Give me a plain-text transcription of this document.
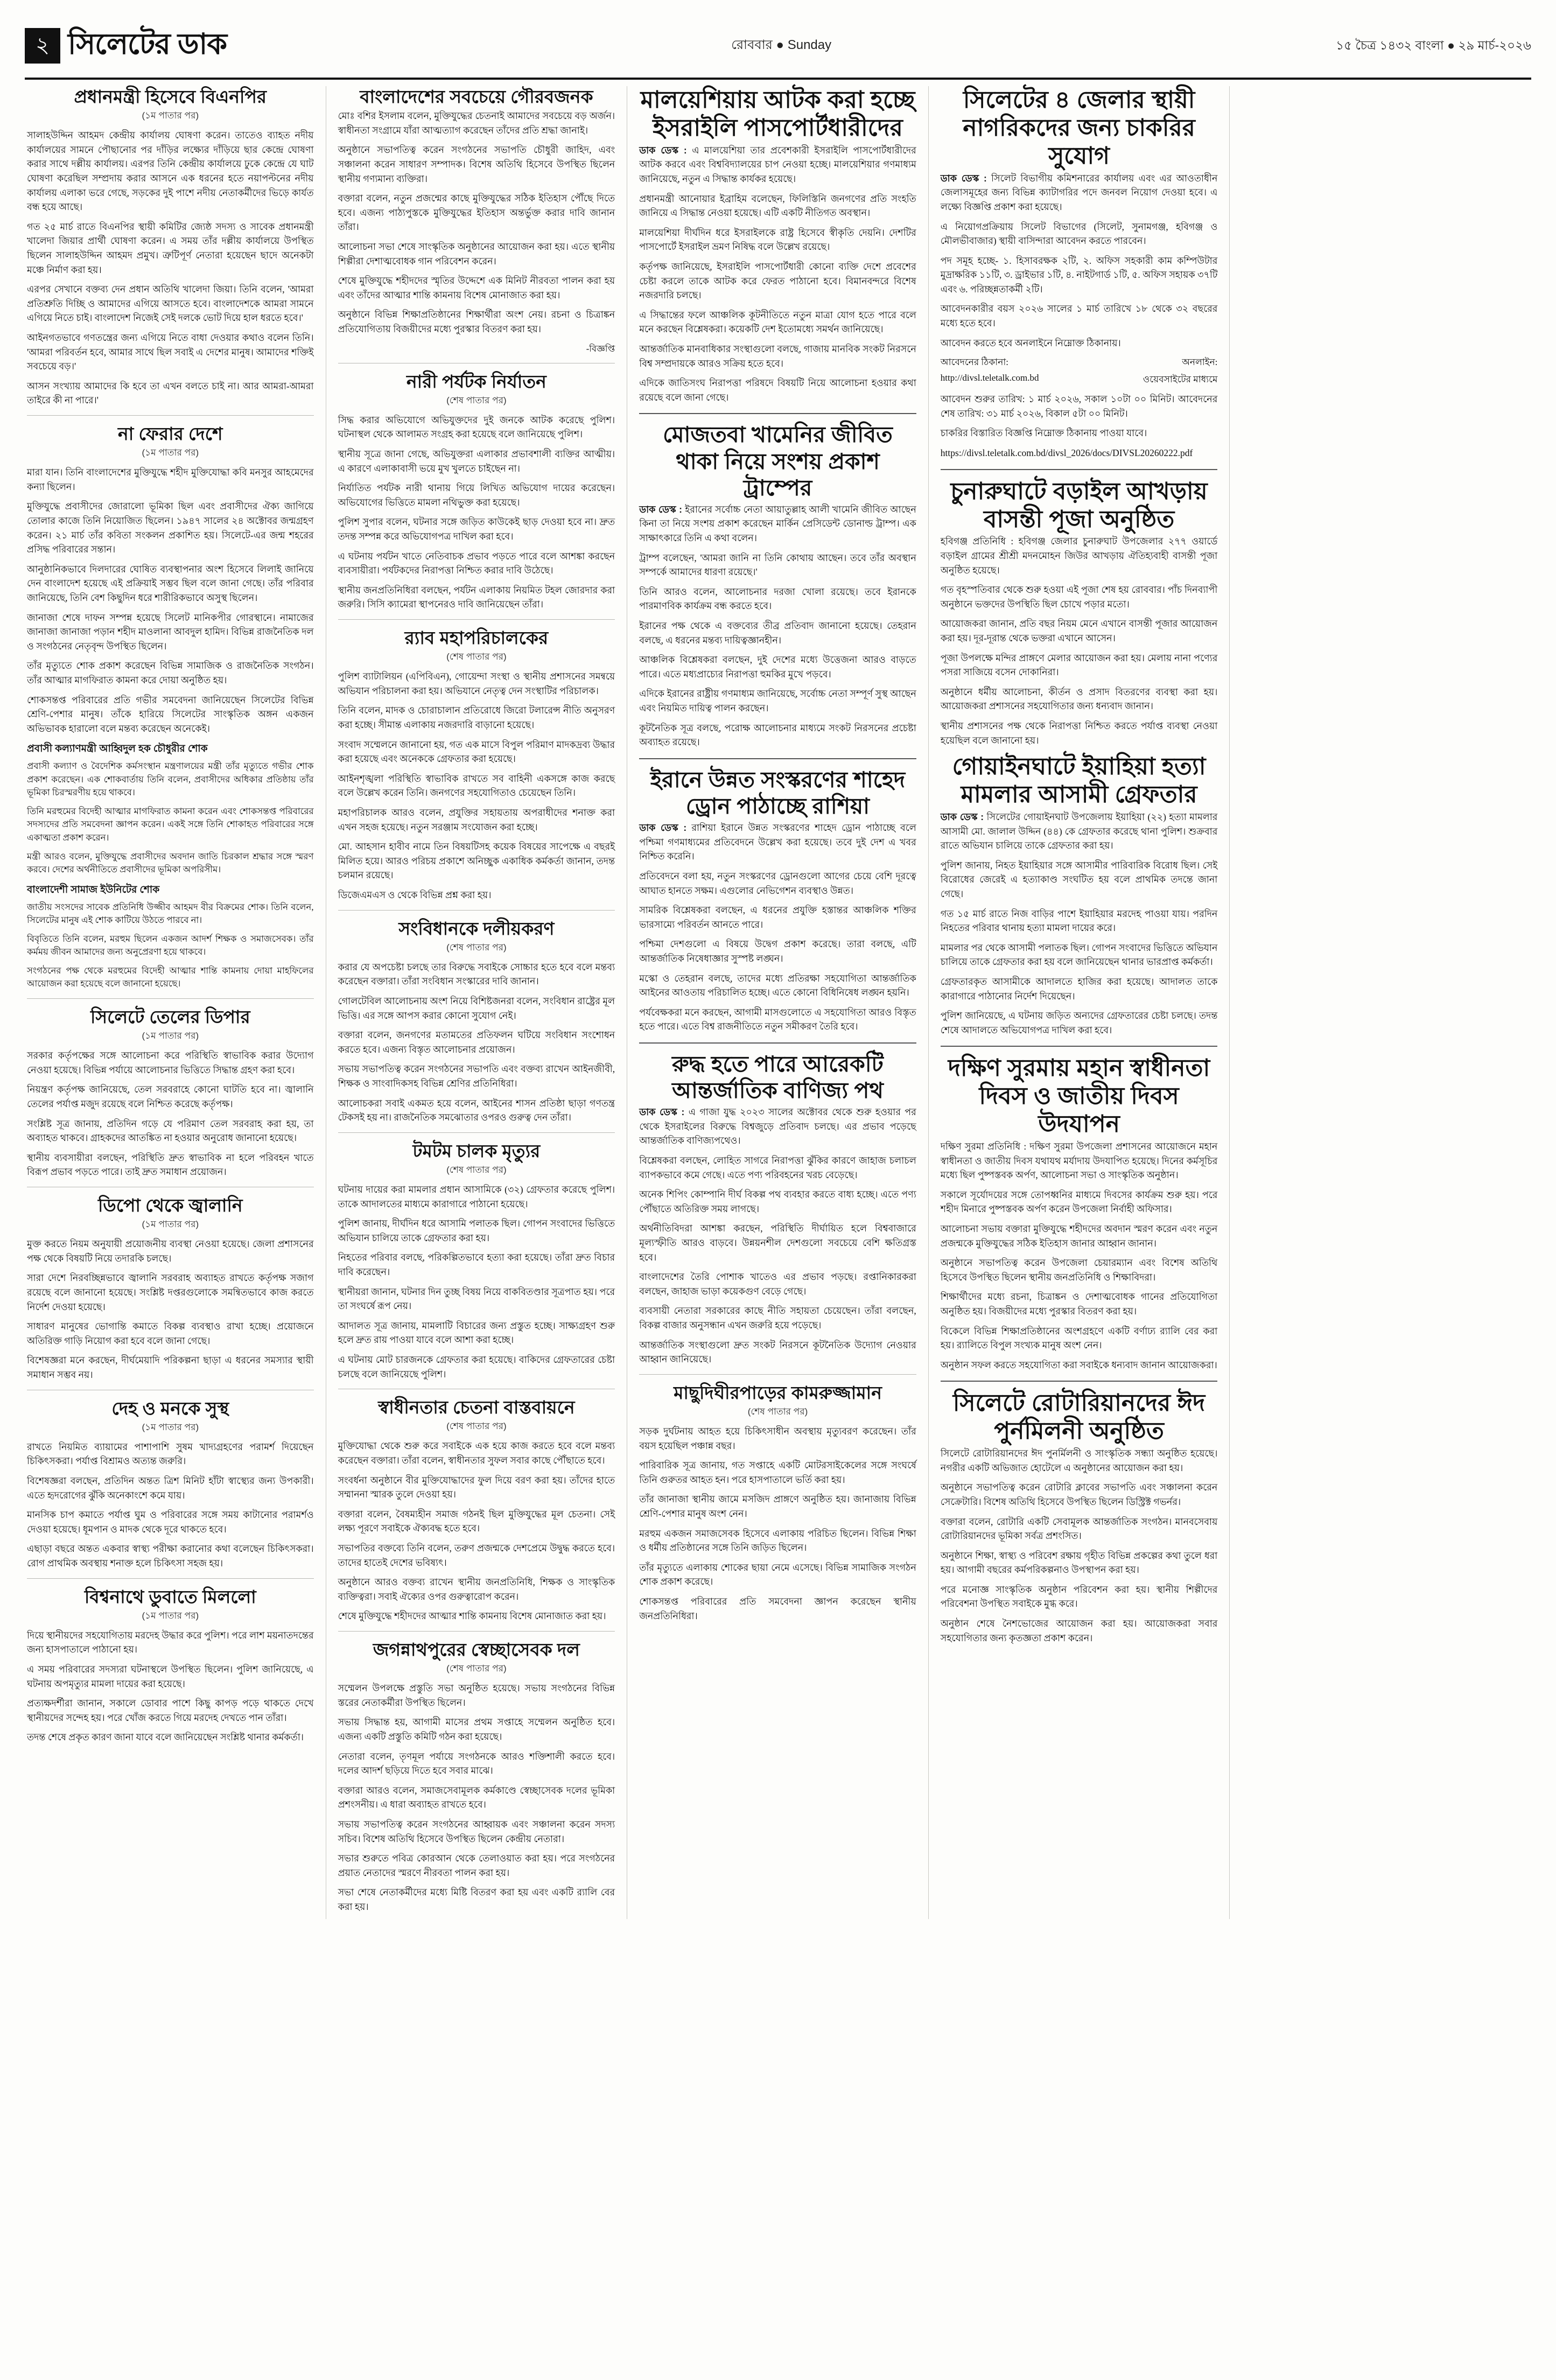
২ সিলেটের ডাক	রোববার ● Sunday	১৫ চৈত্র ১৪৩২ বাংলা ● ২৯ মার্চ-২০২৬
প্রধানমন্ত্রী হিসেবে বিএনপির
(১ম পাতার পর)

সালাহউদ্দিন আহমদ কেন্দ্রীয় কার্যালয় ঘোষণা করেন। তাতেও ব্যাহত নদীয় কার্যালয়ের সামনে পৌছানোর পর দাঁড়ির লক্ষ্যের দাঁড়িয়ে ছার কেন্দ্রে ঘোষণা করার সাথে দল্লীয় কার্যালয়। এরপর তিনি কেন্দ্রীয় কার্যালয়ে ঢুকে কেন্দ্রে যে ঘাট ঘোষণা করেছিল সম্প্রদায় করার আসনে এক ধরনের হতে নয়াপল্টনের নদীয় কার্যালয় এলাকা ভরে গেছে, সড়কের দুই পাশে নদীয় নেতাকর্মীদের ভিড়ে কার্যত বন্ধ হয়ে আছে।

গত ২৫ মার্চ রাতে বিএনপির স্থায়ী কমিটির জ্যেষ্ঠ সদস্য ও সাবেক প্রধানমন্ত্রী খালেদা জিয়ার প্রার্থী ঘোষণা করেন। এ সময় তাঁর দল্লীয় কার্যালয়ে উপস্থিত ছিলেন সালাহউদ্দিন আহমদ প্রমুখ। ত্রুটিপূর্ণ নেতারা হয়েছেন ছাদে অনেকটা মঞ্চে নির্মাণ করা হয়।

এরপর সেখানে বক্তব্য দেন প্রধান অতিথি খালেদা জিয়া। তিনি বলেন, 'আমরা প্রতিশ্রুতি দিচ্ছি ও আমাদের এগিয়ে আসতে হবে। বাংলাদেশকে আমরা সামনে এগিয়ে নিতে চাই। বাংলাদেশ নিজেই সেই দলকে ভোট দিয়ে হাল ধরতে হবে।'

আইনগতভাবে গণতন্ত্রের জন্য এগিয়ে নিতে বাধা দেওয়ার কথাও বলেন তিনি। 'আমরা পরিবর্তন হবে, আমার সাথে ছিল সবাই এ দেশের মানুষ। আমাদের শক্তিই সবচেয়ে বড়।'

আসন সংখ্যায় আমাদের কি হবে তা এখন বলতে চাই না। আর আমরা-আমরা তাইরে কী না পারে।'

না ফেরার দেশে
(১ম পাতার পর)

মারা যান। তিনি বাংলাদেশের মুক্তিযুদ্ধে শহীদ মুক্তিযোদ্ধা কবি মনসুর আহমেদের কন্যা ছিলেন।

মুক্তিযুদ্ধে প্রবাসীদের জোরালো ভূমিকা ছিল এবং প্রবাসীদের ঐক্য জাগিয়ে তোলার কাজে তিনি নিয়োজিত ছিলেন। ১৯৪৭ সালের ২৪ অক্টোবর জন্মগ্রহণ করেন। ২১ মার্চ তাঁর কবিতা সংকলন প্রকাশিত হয়। সিলেটে-এর জন্ম শহরের প্রসিদ্ধ পরিবারের সন্তান।

আনুষ্ঠানিকভাবে দিলদারের ঘোষিত ব্যবস্থাপনার অংশ হিসেবে লিলাই জানিয়ে দেন বাংলাদেশ হয়েছে এই প্রক্রিয়াই সম্ভব ছিল বলে জানা গেছে। তাঁর পরিবার জানিয়েছে, তিনি বেশ কিছুদিন ধরে শারীরিকভাবে অসুস্থ ছিলেন।

জানাজা শেষে দাফন সম্পন্ন হয়েছে সিলেট মানিকপীর গোরস্থানে। নামাজের জানাজা জানাজা পড়ান শহীদ মাওলানা আবদুল হামিদ। বিভিন্ন রাজনৈতিক দল ও সংগঠনের নেতৃবৃন্দ উপস্থিত ছিলেন।

তাঁর মৃত্যুতে শোক প্রকাশ করেছেন বিভিন্ন সামাজিক ও রাজনৈতিক সংগঠন। তাঁর আত্মার মাগফিরাত কামনা করে দোয়া অনুষ্ঠিত হয়।

শোকসন্তপ্ত পরিবারের প্রতি গভীর সমবেদনা জানিয়েছেন সিলেটের বিভিন্ন শ্রেণি-পেশার মানুষ। তাঁকে হারিয়ে সিলেটের সাংস্কৃতিক অঙ্গন একজন অভিভাবক হারালো বলে মন্তব্য করেছেন অনেকেই।

প্রবাসী কল্যাণমন্ত্রী আহ্বিদুল হক চৌধুরীর শোক

প্রবাসী কল্যাণ ও বৈদেশিক কর্মসংস্থান মন্ত্রণালয়ের মন্ত্রী তাঁর মৃত্যুতে গভীর শোক প্রকাশ করেছেন। এক শোকবার্তায় তিনি বলেন, প্রবাসীদের অধিকার প্রতিষ্ঠায় তাঁর ভূমিকা চিরস্মরণীয় হয়ে থাকবে।

তিনি মরহুমের বিদেহী আত্মার মাগফিরাত কামনা করেন এবং শোকসন্তপ্ত পরিবারের সদস্যদের প্রতি সমবেদনা জ্ঞাপন করেন। একই সঙ্গে তিনি শোকাহত পরিবারের সঙ্গে একাত্মতা প্রকাশ করেন।

মন্ত্রী আরও বলেন, মুক্তিযুদ্ধে প্রবাসীদের অবদান জাতি চিরকাল শ্রদ্ধার সঙ্গে স্মরণ করবে। দেশের অর্থনীতিতে প্রবাসীদের ভূমিকা অপরিসীম।

বাংলাদেশী সামাজ ইউনিটের শোক

জাতীয় সংসদের সাবেক প্রতিনিধি উজ্জীব আহমদ বীর বিক্রমের শোক। তিনি বলেন, সিলেটের মানুষ এই শোক কাটিয়ে উঠতে পারবে না।

বিবৃতিতে তিনি বলেন, মরহুম ছিলেন একজন আদর্শ শিক্ষক ও সমাজসেবক। তাঁর কর্মময় জীবন আমাদের জন্য অনুপ্রেরণা হয়ে থাকবে।

সংগঠনের পক্ষ থেকে মরহুমের বিদেহী আত্মার শান্তি কামনায় দোয়া মাহফিলের আয়োজন করা হয়েছে বলে জানানো হয়েছে।

সিলেটে তেলের ডিপার
(১ম পাতার পর)

সরকার কর্তৃপক্ষের সঙ্গে আলোচনা করে পরিস্থিতি স্বাভাবিক করার উদ্যোগ নেওয়া হয়েছে। বিভিন্ন পর্যায়ে আলোচনার ভিত্তিতে সিদ্ধান্ত গ্রহণ করা হবে।

নিয়ন্ত্রণ কর্তৃপক্ষ জানিয়েছে, তেল সরবরাহে কোনো ঘাটতি হবে না। জ্বালানি তেলের পর্যাপ্ত মজুদ রয়েছে বলে নিশ্চিত করেছে কর্তৃপক্ষ।

সংশ্লিষ্ট সূত্র জানায়, প্রতিদিন গড়ে যে পরিমাণ তেল সরবরাহ করা হয়, তা অব্যাহত থাকবে। গ্রাহকদের আতঙ্কিত না হওয়ার অনুরোধ জানানো হয়েছে।

স্থানীয় ব্যবসায়ীরা বলছেন, পরিস্থিতি দ্রুত স্বাভাবিক না হলে পরিবহন খাতে বিরূপ প্রভাব পড়তে পারে। তাই দ্রুত সমাধান প্রয়োজন।

ডিপো থেকে জ্বালানি
(১ম পাতার পর)

মুক্ত করতে নিয়ম অনুযায়ী প্রয়োজনীয় ব্যবস্থা নেওয়া হয়েছে। জেলা প্রশাসনের পক্ষ থেকে বিষয়টি নিয়ে তদারকি চলছে।

সারা দেশে নিরবচ্ছিন্নভাবে জ্বালানি সরবরাহ অব্যাহত রাখতে কর্তৃপক্ষ সজাগ রয়েছে বলে জানানো হয়েছে। সংশ্লিষ্ট দপ্তরগুলোকে সমন্বিতভাবে কাজ করতে নির্দেশ দেওয়া হয়েছে।

সাধারণ মানুষের ভোগান্তি কমাতে বিকল্প ব্যবস্থাও রাখা হচ্ছে। প্রয়োজনে অতিরিক্ত গাড়ি নিয়োগ করা হবে বলে জানা গেছে।

বিশেষজ্ঞরা মনে করছেন, দীর্ঘমেয়াদি পরিকল্পনা ছাড়া এ ধরনের সমস্যার স্থায়ী সমাধান সম্ভব নয়।

দেহ ও মনকে সুস্থ
(১ম পাতার পর)

রাখতে নিয়মিত ব্যায়ামের পাশাপাশি সুষম খাদ্যগ্রহণের পরামর্শ দিয়েছেন চিকিৎসকরা। পর্যাপ্ত বিশ্রামও অত্যন্ত জরুরি।

বিশেষজ্ঞরা বলছেন, প্রতিদিন অন্তত ত্রিশ মিনিট হাঁটা স্বাস্থ্যের জন্য উপকারী। এতে হৃদরোগের ঝুঁকি অনেকাংশে কমে যায়।

মানসিক চাপ কমাতে পর্যাপ্ত ঘুম ও পরিবারের সঙ্গে সময় কাটানোর পরামর্শও দেওয়া হয়েছে। ধূমপান ও মাদক থেকে দূরে থাকতে হবে।

এছাড়া বছরে অন্তত একবার স্বাস্থ্য পরীক্ষা করানোর কথা বলেছেন চিকিৎসকরা। রোগ প্রাথমিক অবস্থায় শনাক্ত হলে চিকিৎসা সহজ হয়।

বিশ্বনাথে ডুবাতে মিললো
(১ম পাতার পর)

দিয়ে স্থানীয়দের সহযোগিতায় মরদেহ উদ্ধার করে পুলিশ। পরে লাশ ময়নাতদন্তের জন্য হাসপাতালে পাঠানো হয়।

এ সময় পরিবারের সদস্যরা ঘটনাস্থলে উপস্থিত ছিলেন। পুলিশ জানিয়েছে, এ ঘটনায় অপমৃত্যুর মামলা দায়ের করা হয়েছে।

প্রত্যক্ষদর্শীরা জানান, সকালে ডোবার পাশে কিছু কাপড় পড়ে থাকতে দেখে স্থানীয়দের সন্দেহ হয়। পরে খোঁজ করতে গিয়ে মরদেহ দেখতে পান তাঁরা।

তদন্ত শেষে প্রকৃত কারণ জানা যাবে বলে জানিয়েছেন সংশ্লিষ্ট থানার কর্মকর্তা।

বাংলাদেশের সবচেয়ে গৌরবজনক

মোঃ বশির ইসলাম বলেন, মুক্তিযুদ্ধের চেতনাই আমাদের সবচেয়ে বড় অর্জন। স্বাধীনতা সংগ্রামে যাঁরা আত্মত্যাগ করেছেন তাঁদের প্রতি শ্রদ্ধা জানাই।

অনুষ্ঠানে সভাপতিত্ব করেন সংগঠনের সভাপতি চৌধুরী জাহিদ, এবং সঞ্চালনা করেন সাধারণ সম্পাদক। বিশেষ অতিথি হিসেবে উপস্থিত ছিলেন স্থানীয় গণ্যমান্য ব্যক্তিরা।

বক্তারা বলেন, নতুন প্রজন্মের কাছে মুক্তিযুদ্ধের সঠিক ইতিহাস পৌঁছে দিতে হবে। এজন্য পাঠ্যপুস্তকে মুক্তিযুদ্ধের ইতিহাস অন্তর্ভুক্ত করার দাবি জানান তাঁরা।

আলোচনা সভা শেষে সাংস্কৃতিক অনুষ্ঠানের আয়োজন করা হয়। এতে স্থানীয় শিল্পীরা দেশাত্মবোধক গান পরিবেশন করেন।

শেষে মুক্তিযুদ্ধে শহীদদের স্মৃতির উদ্দেশে এক মিনিট নীরবতা পালন করা হয় এবং তাঁদের আত্মার শান্তি কামনায় বিশেষ মোনাজাত করা হয়।

অনুষ্ঠানে বিভিন্ন শিক্ষাপ্রতিষ্ঠানের শিক্ষার্থীরা অংশ নেয়। রচনা ও চিত্রাঙ্কন প্রতিযোগিতায় বিজয়ীদের মধ্যে পুরস্কার বিতরণ করা হয়।

-বিজ্ঞপ্তি

নারী পর্যটক নির্যাতন
(শেষ পাতার পর)

সিদ্ধ করার অভিযোগে অভিযুক্তদের দুই জনকে আটক করেছে পুলিশ। ঘটনাস্থল থেকে আলামত সংগ্রহ করা হয়েছে বলে জানিয়েছে পুলিশ।

স্থানীয় সূত্রে জানা গেছে, অভিযুক্তরা এলাকার প্রভাবশালী ব্যক্তির আত্মীয়। এ কারণে এলাকাবাসী ভয়ে মুখ খুলতে চাইছেন না।

নির্যাতিত পর্যটক নারী থানায় গিয়ে লিখিত অভিযোগ দায়ের করেছেন। অভিযোগের ভিত্তিতে মামলা নথিভুক্ত করা হয়েছে।

পুলিশ সুপার বলেন, ঘটনার সঙ্গে জড়িত কাউকেই ছাড় দেওয়া হবে না। দ্রুত তদন্ত সম্পন্ন করে অভিযোগপত্র দাখিল করা হবে।

এ ঘটনায় পর্যটন খাতে নেতিবাচক প্রভাব পড়তে পারে বলে আশঙ্কা করছেন ব্যবসায়ীরা। পর্যটকদের নিরাপত্তা নিশ্চিত করার দাবি উঠেছে।

স্থানীয় জনপ্রতিনিধিরা বলছেন, পর্যটন এলাকায় নিয়মিত টহল জোরদার করা জরুরি। সিসি ক্যামেরা স্থাপনেরও দাবি জানিয়েছেন তাঁরা।

র‍্যাব মহাপরিচালকের
(শেষ পাতার পর)

পুলিশ ব্যাটালিয়ন (এপিবিএন), গোয়েন্দা সংস্থা ও স্থানীয় প্রশাসনের সমন্বয়ে অভিযান পরিচালনা করা হয়। অভিযানে নেতৃত্ব দেন সংস্থাটির পরিচালক।

তিনি বলেন, মাদক ও চোরাচালান প্রতিরোধে জিরো টলারেন্স নীতি অনুসরণ করা হচ্ছে। সীমান্ত এলাকায় নজরদারি বাড়ানো হয়েছে।

সংবাদ সম্মেলনে জানানো হয়, গত এক মাসে বিপুল পরিমাণ মাদকদ্রব্য উদ্ধার করা হয়েছে এবং অনেককে গ্রেফতার করা হয়েছে।

আইনশৃঙ্খলা পরিস্থিতি স্বাভাবিক রাখতে সব বাহিনী একসঙ্গে কাজ করছে বলে উল্লেখ করেন তিনি। জনগণের সহযোগিতাও চেয়েছেন তিনি।

মহাপরিচালক আরও বলেন, প্রযুক্তির সহায়তায় অপরাধীদের শনাক্ত করা এখন সহজ হয়েছে। নতুন সরঞ্জাম সংযোজন করা হচ্ছে।

মো. আহসান হাবীব নামে তিন বিষয়টিসহ কয়েক বিষয়ের সাপেক্ষে এ বছরই মিলিত হয়ে। আরও পরিচয় প্রকাশে অনিচ্ছুক একাধিক কর্মকর্তা জানান, তদন্ত চলমান রয়েছে।

ডিজেএমএস ও থেকে বিভিন্ন প্রশ্ন করা হয়।

সংবিধানকে দলীয়করণ
(শেষ পাতার পর)

করার যে অপচেষ্টা চলছে তার বিরুদ্ধে সবাইকে সোচ্চার হতে হবে বলে মন্তব্য করেছেন বক্তারা। তাঁরা সংবিধান সংস্কারের দাবি জানান।

গোলটেবিল আলোচনায় অংশ নিয়ে বিশিষ্টজনরা বলেন, সংবিধান রাষ্ট্রের মূল ভিত্তি। এর সঙ্গে আপস করার কোনো সুযোগ নেই।

বক্তারা বলেন, জনগণের মতামতের প্রতিফলন ঘটিয়ে সংবিধান সংশোধন করতে হবে। এজন্য বিস্তৃত আলোচনার প্রয়োজন।

সভায় সভাপতিত্ব করেন সংগঠনের সভাপতি এবং বক্তব্য রাখেন আইনজীবী, শিক্ষক ও সাংবাদিকসহ বিভিন্ন শ্রেণির প্রতিনিধিরা।

আলোচকরা সবাই একমত হয়ে বলেন, আইনের শাসন প্রতিষ্ঠা ছাড়া গণতন্ত্র টেকসই হয় না। রাজনৈতিক সমঝোতার ওপরও গুরুত্ব দেন তাঁরা।

টমটম চালক মৃত্যুর
(শেষ পাতার পর)

ঘটনায় দায়ের করা মামলার প্রধান আসামিকে (৩২) গ্রেফতার করেছে পুলিশ। তাকে আদালতের মাধ্যমে কারাগারে পাঠানো হয়েছে।

পুলিশ জানায়, দীর্ঘদিন ধরে আসামি পলাতক ছিল। গোপন সংবাদের ভিত্তিতে অভিযান চালিয়ে তাকে গ্রেফতার করা হয়।

নিহতের পরিবার বলছে, পরিকল্পিতভাবে হত্যা করা হয়েছে। তাঁরা দ্রুত বিচার দাবি করেছেন।

স্থানীয়রা জানান, ঘটনার দিন তুচ্ছ বিষয় নিয়ে বাকবিতণ্ডার সূত্রপাত হয়। পরে তা সংঘর্ষে রূপ নেয়।

আদালত সূত্র জানায়, মামলাটি বিচারের জন্য প্রস্তুত হচ্ছে। সাক্ষ্যগ্রহণ শুরু হলে দ্রুত রায় পাওয়া যাবে বলে আশা করা হচ্ছে।

এ ঘটনায় মোট চারজনকে গ্রেফতার করা হয়েছে। বাকিদের গ্রেফতারের চেষ্টা চলছে বলে জানিয়েছে পুলিশ।

স্বাধীনতার চেতনা বাস্তবায়নে
(শেষ পাতার পর)

মুক্তিযোদ্ধা থেকে শুরু করে সবাইকে এক হয়ে কাজ করতে হবে বলে মন্তব্য করেছেন বক্তারা। তাঁরা বলেন, স্বাধীনতার সুফল সবার কাছে পৌঁছাতে হবে।

সংবর্ধনা অনুষ্ঠানে বীর মুক্তিযোদ্ধাদের ফুল দিয়ে বরণ করা হয়। তাঁদের হাতে সম্মাননা স্মারক তুলে দেওয়া হয়।

বক্তারা বলেন, বৈষম্যহীন সমাজ গঠনই ছিল মুক্তিযুদ্ধের মূল চেতনা। সেই লক্ষ্য পূরণে সবাইকে ঐক্যবদ্ধ হতে হবে।

সভাপতির বক্তব্যে তিনি বলেন, তরুণ প্রজন্মকে দেশপ্রেমে উদ্বুদ্ধ করতে হবে। তাদের হাতেই দেশের ভবিষ্যৎ।

অনুষ্ঠানে আরও বক্তব্য রাখেন স্থানীয় জনপ্রতিনিধি, শিক্ষক ও সাংস্কৃতিক ব্যক্তিত্বরা। সবাই ঐক্যের ওপর গুরুত্বারোপ করেন।

শেষে মুক্তিযুদ্ধে শহীদদের আত্মার শান্তি কামনায় বিশেষ মোনাজাত করা হয়।

জগন্নাথপুরের স্বেচ্ছাসেবক দল
(শেষ পাতার পর)

সম্মেলন উপলক্ষে প্রস্তুতি সভা অনুষ্ঠিত হয়েছে। সভায় সংগঠনের বিভিন্ন স্তরের নেতাকর্মীরা উপস্থিত ছিলেন।

সভায় সিদ্ধান্ত হয়, আগামী মাসের প্রথম সপ্তাহে সম্মেলন অনুষ্ঠিত হবে। এজন্য একটি প্রস্তুতি কমিটি গঠন করা হয়েছে।

নেতারা বলেন, তৃণমূল পর্যায়ে সংগঠনকে আরও শক্তিশালী করতে হবে। দলের আদর্শ ছড়িয়ে দিতে হবে সবার মাঝে।

বক্তারা আরও বলেন, সমাজসেবামূলক কর্মকাণ্ডে স্বেচ্ছাসেবক দলের ভূমিকা প্রশংসনীয়। এ ধারা অব্যাহত রাখতে হবে।

সভায় সভাপতিত্ব করেন সংগঠনের আহ্বায়ক এবং সঞ্চালনা করেন সদস্য সচিব। বিশেষ অতিথি হিসেবে উপস্থিত ছিলেন কেন্দ্রীয় নেতারা।

সভার শুরুতে পবিত্র কোরআন থেকে তেলাওয়াত করা হয়। পরে সংগঠনের প্রয়াত নেতাদের স্মরণে নীরবতা পালন করা হয়।

সভা শেষে নেতাকর্মীদের মধ্যে মিষ্টি বিতরণ করা হয় এবং একটি র‍্যালি বের করা হয়।

মালয়েশিয়ায় আটক করা হচ্ছে ইসরাইলি পাসপোর্টধারীদের

ডাক ডেস্ক : এ মালয়েশিয়া তার প্রবেশকারী ইসরাইলি পাসপোর্টধারীদের আটক করবে এবং বিশ্ববিদ্যালয়ের চাপ নেওয়া হচ্ছে। মালয়েশিয়ার গণমাধ্যম জানিয়েছে, নতুন এ সিদ্ধান্ত কার্যকর হয়েছে।

প্রধানমন্ত্রী আনোয়ার ইব্রাহিম বলেছেন, ফিলিস্তিনি জনগণের প্রতি সংহতি জানিয়ে এ সিদ্ধান্ত নেওয়া হয়েছে। এটি একটি নীতিগত অবস্থান।

মালয়েশিয়া দীর্ঘদিন ধরে ইসরাইলকে রাষ্ট্র হিসেবে স্বীকৃতি দেয়নি। দেশটির পাসপোর্টে ইসরাইল ভ্রমণ নিষিদ্ধ বলে উল্লেখ রয়েছে।

কর্তৃপক্ষ জানিয়েছে, ইসরাইলি পাসপোর্টধারী কোনো ব্যক্তি দেশে প্রবেশের চেষ্টা করলে তাকে আটক করে ফেরত পাঠানো হবে। বিমানবন্দরে বিশেষ নজরদারি চলছে।

এ সিদ্ধান্তের ফলে আঞ্চলিক কূটনীতিতে নতুন মাত্রা যোগ হতে পারে বলে মনে করছেন বিশ্লেষকরা। কয়েকটি দেশ ইতোমধ্যে সমর্থন জানিয়েছে।

আন্তর্জাতিক মানবাধিকার সংস্থাগুলো বলছে, গাজায় মানবিক সংকট নিরসনে বিশ্ব সম্প্রদায়কে আরও সক্রিয় হতে হবে।

এদিকে জাতিসংঘ নিরাপত্তা পরিষদে বিষয়টি নিয়ে আলোচনা হওয়ার কথা রয়েছে বলে জানা গেছে।

মোজতবা খামেনির জীবিত থাকা নিয়ে সংশয় প্রকাশ ট্রাম্পের

ডাক ডেস্ক : ইরানের সর্বোচ্চ নেতা আয়াতুল্লাহ আলী খামেনি জীবিত আছেন কিনা তা নিয়ে সংশয় প্রকাশ করেছেন মার্কিন প্রেসিডেন্ট ডোনাল্ড ট্রাম্প। এক সাক্ষাৎকারে তিনি এ কথা বলেন।

ট্রাম্প বলেছেন, 'আমরা জানি না তিনি কোথায় আছেন। তবে তাঁর অবস্থান সম্পর্কে আমাদের ধারণা রয়েছে।'

তিনি আরও বলেন, আলোচনার দরজা খোলা রয়েছে। তবে ইরানকে পারমাণবিক কার্যক্রম বন্ধ করতে হবে।

ইরানের পক্ষ থেকে এ বক্তব্যের তীব্র প্রতিবাদ জানানো হয়েছে। তেহরান বলছে, এ ধরনের মন্তব্য দায়িত্বজ্ঞানহীন।

আঞ্চলিক বিশ্লেষকরা বলছেন, দুই দেশের মধ্যে উত্তেজনা আরও বাড়তে পারে। এতে মধ্যপ্রাচ্যের নিরাপত্তা হুমকির মুখে পড়বে।

এদিকে ইরানের রাষ্ট্রীয় গণমাধ্যম জানিয়েছে, সর্বোচ্চ নেতা সম্পূর্ণ সুস্থ আছেন এবং নিয়মিত দায়িত্ব পালন করছেন।

কূটনৈতিক সূত্র বলছে, পরোক্ষ আলোচনার মাধ্যমে সংকট নিরসনের প্রচেষ্টা অব্যাহত রয়েছে।

ইরানে উন্নত সংস্করণের শাহেদ ড্রোন পাঠাচ্ছে রাশিয়া

ডাক ডেস্ক : রাশিয়া ইরানে উন্নত সংস্করণের শাহেদ ড্রোন পাঠাচ্ছে বলে পশ্চিমা গণমাধ্যমের প্রতিবেদনে উল্লেখ করা হয়েছে। তবে দুই দেশ এ খবর নিশ্চিত করেনি।

প্রতিবেদনে বলা হয়, নতুন সংস্করণের ড্রোনগুলো আগের চেয়ে বেশি দূরত্বে আঘাত হানতে সক্ষম। এগুলোর নেভিগেশন ব্যবস্থাও উন্নত।

সামরিক বিশ্লেষকরা বলছেন, এ ধরনের প্রযুক্তি হস্তান্তর আঞ্চলিক শক্তির ভারসাম্যে পরিবর্তন আনতে পারে।

পশ্চিমা দেশগুলো এ বিষয়ে উদ্বেগ প্রকাশ করেছে। তারা বলছে, এটি আন্তর্জাতিক নিষেধাজ্ঞার সুস্পষ্ট লঙ্ঘন।

মস্কো ও তেহরান বলছে, তাদের মধ্যে প্রতিরক্ষা সহযোগিতা আন্তর্জাতিক আইনের আওতায় পরিচালিত হচ্ছে। এতে কোনো বিধিনিষেধ লঙ্ঘন হয়নি।

পর্যবেক্ষকরা মনে করছেন, আগামী মাসগুলোতে এ সহযোগিতা আরও বিস্তৃত হতে পারে। এতে বিশ্ব রাজনীতিতে নতুন সমীকরণ তৈরি হবে।

রুদ্ধ হতে পারে আরেকটি আন্তর্জাতিক বাণিজ্য পথ

ডাক ডেস্ক : এ গাজা যুদ্ধ ২০২৩ সালের অক্টোবর থেকে শুরু হওয়ার পর থেকে ইসরাইলের বিরুদ্ধে বিশ্বজুড়ে প্রতিবাদ চলছে। এর প্রভাব পড়েছে আন্তর্জাতিক বাণিজ্যপথেও।

বিশ্লেষকরা বলছেন, লোহিত সাগরে নিরাপত্তা ঝুঁকির কারণে জাহাজ চলাচল ব্যাপকভাবে কমে গেছে। এতে পণ্য পরিবহনের খরচ বেড়েছে।

অনেক শিপিং কোম্পানি দীর্ঘ বিকল্প পথ ব্যবহার করতে বাধ্য হচ্ছে। এতে পণ্য পৌঁছাতে অতিরিক্ত সময় লাগছে।

অর্থনীতিবিদরা আশঙ্কা করছেন, পরিস্থিতি দীর্ঘায়িত হলে বিশ্ববাজারে মূল্যস্ফীতি আরও বাড়বে। উন্নয়নশীল দেশগুলো সবচেয়ে বেশি ক্ষতিগ্রস্ত হবে।

বাংলাদেশের তৈরি পোশাক খাতেও এর প্রভাব পড়ছে। রপ্তানিকারকরা বলছেন, জাহাজ ভাড়া কয়েকগুণ বেড়ে গেছে।

ব্যবসায়ী নেতারা সরকারের কাছে নীতি সহায়তা চেয়েছেন। তাঁরা বলছেন, বিকল্প বাজার অনুসন্ধান এখন জরুরি হয়ে পড়েছে।

আন্তর্জাতিক সংস্থাগুলো দ্রুত সংকট নিরসনে কূটনৈতিক উদ্যোগ নেওয়ার আহ্বান জানিয়েছে।

মাছুদিঘীরপাড়ের কামরুজ্জামান
(শেষ পাতার পর)

সড়ক দুর্ঘটনায় আহত হয়ে চিকিৎসাধীন অবস্থায় মৃত্যুবরণ করেছেন। তাঁর বয়স হয়েছিল পঞ্চান্ন বছর।

পারিবারিক সূত্র জানায়, গত সপ্তাহে একটি মোটরসাইকেলের সঙ্গে সংঘর্ষে তিনি গুরুতর আহত হন। পরে হাসপাতালে ভর্তি করা হয়।

তাঁর জানাজা স্থানীয় জামে মসজিদ প্রাঙ্গণে অনুষ্ঠিত হয়। জানাজায় বিভিন্ন শ্রেণি-পেশার মানুষ অংশ নেন।

মরহুম একজন সমাজসেবক হিসেবে এলাকায় পরিচিত ছিলেন। বিভিন্ন শিক্ষা ও ধর্মীয় প্রতিষ্ঠানের সঙ্গে তিনি জড়িত ছিলেন।

তাঁর মৃত্যুতে এলাকায় শোকের ছায়া নেমে এসেছে। বিভিন্ন সামাজিক সংগঠন শোক প্রকাশ করেছে।

শোকসন্তপ্ত পরিবারের প্রতি সমবেদনা জ্ঞাপন করেছেন স্থানীয় জনপ্রতিনিধিরা।

সিলেটের ৪ জেলার স্থায়ী নাগরিকদের জন্য চাকরির সুযোগ

ডাক ডেস্ক : সিলেট বিভাগীয় কমিশনারের কার্যালয় এবং এর আওতাধীন জেলাসমূহের জন্য বিভিন্ন ক্যাটাগরির পদে জনবল নিয়োগ দেওয়া হবে। এ লক্ষ্যে বিজ্ঞপ্তি প্রকাশ করা হয়েছে।

এ নিয়োগপ্রক্রিয়ায় সিলেট বিভাগের (সিলেট, সুনামগঞ্জ, হবিগঞ্জ ও মৌলভীবাজার) স্থায়ী বাসিন্দারা আবেদন করতে পারবেন।

পদ সমূহ হচ্ছে- ১. হিসাবরক্ষক ২টি, ২. অফিস সহকারী কাম কম্পিউটার মুদ্রাক্ষরিক ১১টি, ৩. ড্রাইভার ১টি, ৪. নাইটগার্ড ১টি, ৫. অফিস সহায়ক ৩৭টি এবং ৬. পরিচ্ছন্নতাকর্মী ২টি।

আবেদনকারীর বয়স ২০২৬ সালের ১ মার্চ তারিখে ১৮ থেকে ৩২ বছরের মধ্যে হতে হবে।

আবেদন করতে হবে অনলাইনে নিম্নোক্ত ঠিকানায়।

আবেদনের ঠিকানা:	অনলাইন:
http://divsl.teletalk.com.bd	ওয়েবসাইটের মাধ্যমে

আবেদন শুরুর তারিখ: ১ মার্চ ২০২৬, সকাল ১০টা ০০ মিনিট। আবেদনের শেষ তারিখ: ৩১ মার্চ ২০২৬, বিকাল ৫টা ০০ মিনিট।

চাকরির বিস্তারিত বিজ্ঞপ্তি নিম্নোক্ত ঠিকানায় পাওয়া যাবে।

https://divsl.teletalk.com.bd/divsl_2026/docs/DIVSL20260222.pdf

চুনারুঘাটে বড়াইল আখড়ায় বাসন্তী পূজা অনুষ্ঠিত

হবিগঞ্জ প্রতিনিধি : হবিগঞ্জ জেলার চুনারুঘাট উপজেলার ২৭৭ ওয়ার্ডে বড়াইল গ্রামের শ্রীশ্রী মদনমোহন জিউর আখড়ায় ঐতিহ্যবাহী বাসন্তী পূজা অনুষ্ঠিত হয়েছে।

গত বৃহস্পতিবার থেকে শুরু হওয়া এই পূজা শেষ হয় রোববার। পাঁচ দিনব্যাপী অনুষ্ঠানে ভক্তদের উপস্থিতি ছিল চোখে পড়ার মতো।

আয়োজকরা জানান, প্রতি বছর নিয়ম মেনে এখানে বাসন্তী পূজার আয়োজন করা হয়। দূর-দূরান্ত থেকে ভক্তরা এখানে আসেন।

পূজা উপলক্ষে মন্দির প্রাঙ্গণে মেলার আয়োজন করা হয়। মেলায় নানা পণ্যের পসরা সাজিয়ে বসেন দোকানিরা।

অনুষ্ঠানে ধর্মীয় আলোচনা, কীর্তন ও প্রসাদ বিতরণের ব্যবস্থা করা হয়। আয়োজকরা প্রশাসনের সহযোগিতার জন্য ধন্যবাদ জানান।

স্থানীয় প্রশাসনের পক্ষ থেকে নিরাপত্তা নিশ্চিত করতে পর্যাপ্ত ব্যবস্থা নেওয়া হয়েছিল বলে জানানো হয়।

গোয়াইনঘাটে ইয়াহিয়া হত্যা মামলার আসামী গ্রেফতার

ডাক ডেস্ক : সিলেটের গোয়াইনঘাট উপজেলায় ইয়াহিয়া (২২) হত্যা মামলার আসামী মো. জালাল উদ্দিন (৪৪) কে গ্রেফতার করেছে থানা পুলিশ। শুক্রবার রাতে অভিযান চালিয়ে তাকে গ্রেফতার করা হয়।

পুলিশ জানায়, নিহত ইয়াহিয়ার সঙ্গে আসামীর পারিবারিক বিরোধ ছিল। সেই বিরোধের জেরেই এ হত্যাকাণ্ড সংঘটিত হয় বলে প্রাথমিক তদন্তে জানা গেছে।

গত ১৫ মার্চ রাতে নিজ বাড়ির পাশে ইয়াহিয়ার মরদেহ পাওয়া যায়। পরদিন নিহতের পরিবার থানায় হত্যা মামলা দায়ের করে।

মামলার পর থেকে আসামী পলাতক ছিল। গোপন সংবাদের ভিত্তিতে অভিযান চালিয়ে তাকে গ্রেফতার করা হয় বলে জানিয়েছেন থানার ভারপ্রাপ্ত কর্মকর্তা।

গ্রেফতারকৃত আসামীকে আদালতে হাজির করা হয়েছে। আদালত তাকে কারাগারে পাঠানোর নির্দেশ দিয়েছেন।

পুলিশ জানিয়েছে, এ ঘটনায় জড়িত অন্যদের গ্রেফতারের চেষ্টা চলছে। তদন্ত শেষে আদালতে অভিযোগপত্র দাখিল করা হবে।

দক্ষিণ সুরমায় মহান স্বাধীনতা দিবস ও জাতীয় দিবস উদযাপন

দক্ষিণ সুরমা প্রতিনিধি : দক্ষিণ সুরমা উপজেলা প্রশাসনের আয়োজনে মহান স্বাধীনতা ও জাতীয় দিবস যথাযথ মর্যাদায় উদযাপিত হয়েছে। দিনের কর্মসূচির মধ্যে ছিল পুষ্পস্তবক অর্পণ, আলোচনা সভা ও সাংস্কৃতিক অনুষ্ঠান।

সকালে সূর্যোদয়ের সঙ্গে তোপধ্বনির মাধ্যমে দিবসের কার্যক্রম শুরু হয়। পরে শহীদ মিনারে পুষ্পস্তবক অর্পণ করেন উপজেলা নির্বাহী অফিসার।

আলোচনা সভায় বক্তারা মুক্তিযুদ্ধে শহীদদের অবদান স্মরণ করেন এবং নতুন প্রজন্মকে মুক্তিযুদ্ধের সঠিক ইতিহাস জানার আহ্বান জানান।

অনুষ্ঠানে সভাপতিত্ব করেন উপজেলা চেয়ারম্যান এবং বিশেষ অতিথি হিসেবে উপস্থিত ছিলেন স্থানীয় জনপ্রতিনিধি ও শিক্ষাবিদরা।

শিক্ষার্থীদের মধ্যে রচনা, চিত্রাঙ্কন ও দেশাত্মবোধক গানের প্রতিযোগিতা অনুষ্ঠিত হয়। বিজয়ীদের মধ্যে পুরস্কার বিতরণ করা হয়।

বিকেলে বিভিন্ন শিক্ষাপ্রতিষ্ঠানের অংশগ্রহণে একটি বর্ণাঢ্য র‍্যালি বের করা হয়। র‍্যালিতে বিপুল সংখ্যক মানুষ অংশ নেন।

অনুষ্ঠান সফল করতে সহযোগিতা করা সবাইকে ধন্যবাদ জানান আয়োজকরা।

সিলেটে রোটারিয়ানদের ঈদ পুর্নমিলনী অনুষ্ঠিত

সিলেটে রোটারিয়ানদের ঈদ পুনর্মিলনী ও সাংস্কৃতিক সন্ধ্যা অনুষ্ঠিত হয়েছে। নগরীর একটি অভিজাত হোটেলে এ অনুষ্ঠানের আয়োজন করা হয়।

অনুষ্ঠানে সভাপতিত্ব করেন রোটারি ক্লাবের সভাপতি এবং সঞ্চালনা করেন সেক্রেটারি। বিশেষ অতিথি হিসেবে উপস্থিত ছিলেন ডিস্ট্রিক্ট গভর্নর।

বক্তারা বলেন, রোটারি একটি সেবামূলক আন্তর্জাতিক সংগঠন। মানবসেবায় রোটারিয়ানদের ভূমিকা সর্বত্র প্রশংসিত।

অনুষ্ঠানে শিক্ষা, স্বাস্থ্য ও পরিবেশ রক্ষায় গৃহীত বিভিন্ন প্রকল্পের কথা তুলে ধরা হয়। আগামী বছরের কর্মপরিকল্পনাও উপস্থাপন করা হয়।

পরে মনোজ্ঞ সাংস্কৃতিক অনুষ্ঠান পরিবেশন করা হয়। স্থানীয় শিল্পীদের পরিবেশনা উপস্থিত সবাইকে মুগ্ধ করে।

অনুষ্ঠান শেষে নৈশভোজের আয়োজন করা হয়। আয়োজকরা সবার সহযোগিতার জন্য কৃতজ্ঞতা প্রকাশ করেন।
